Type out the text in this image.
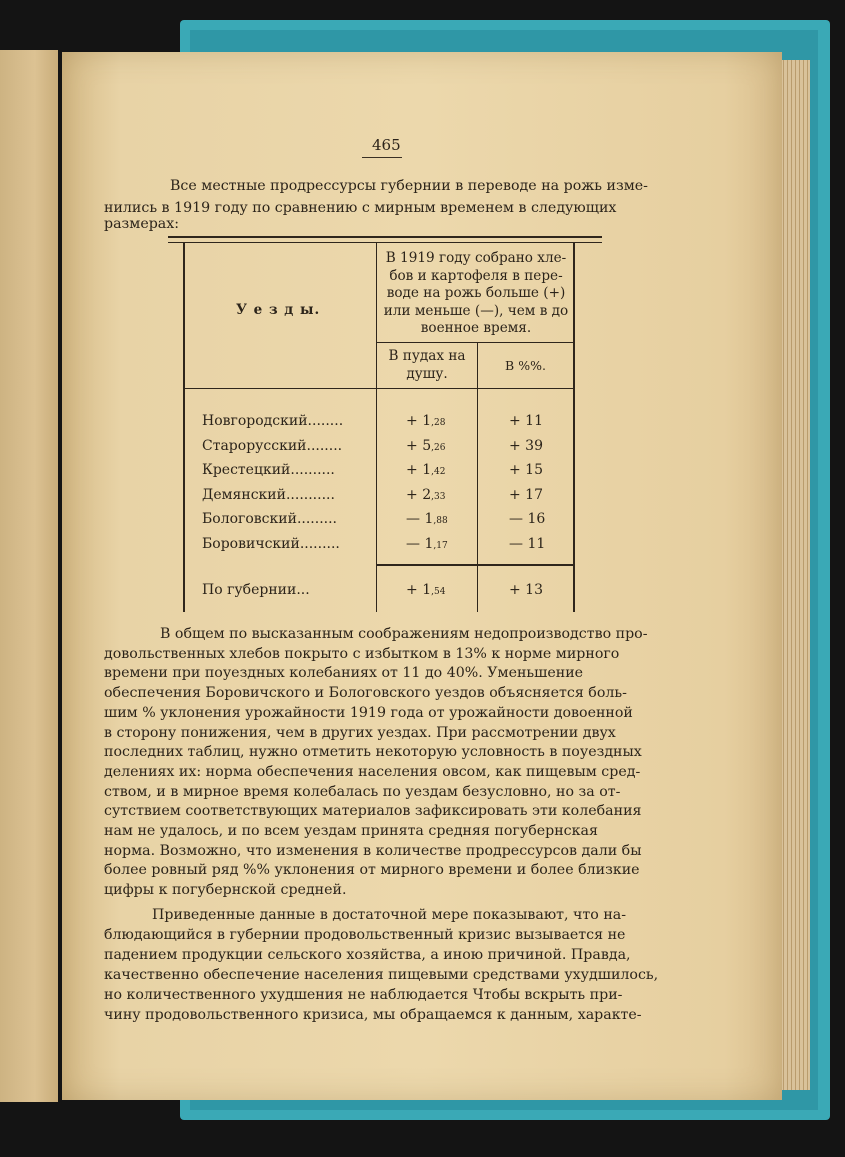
465
Все местные продрессурсы губернии в переводе на рожь изме-
нились в 1919 году по сравнению с мирным временем в следующих
размерах:
У е з д ы.
В 1919 году собрано хле-
бов и картофеля в пере-
воде на рожь больше (+)
или меньше (—), чем в до
военное время.
В пудах на
душу.	В %%.
Новгородский........	+ 1,28	+ 11
Старорусский........	+ 5,26	+ 39
Крестецкий..........	+ 1,42	+ 15
Демянский...........	+ 2,33	+ 17
Бологовский.........	— 1,88	— 16
Боровичский.........	— 1,17	— 11
По губернии...	+ 1,54	+ 13
В общем по высказанным соображениям недопроизводство про-
довольственных хлебов покрыто с избытком в 13% к норме мирного
времени при поуездных колебаниях от 11 до 40%. Уменьшение
обеспечения Боровичского и Бологовского уездов объясняется боль-
шим % уклонения урожайности 1919 года от урожайности довоенной
в сторону понижения, чем в других уездах. При рассмотрении двух
последних таблиц, нужно отметить некоторую условность в поуездных
делениях их: норма обеспечения населения овсом, как пищевым сред-
ством, и в мирное время колебалась по уездам безусловно, но за от-
сутствием соответствующих материалов зафиксировать эти колебания
нам не удалось, и по всем уездам принята средняя погубернская
норма. Возможно, что изменения в количестве продрессурсов дали бы
более ровный ряд %% уклонения от мирного времени и более близкие
цифры к погубернской средней.
Приведенные данные в достаточной мере показывают, что на-
блюдающийся в губернии продовольственный кризис вызывается не
падением продукции сельского хозяйства, а иною причиной. Правда,
качественно обеспечение населения пищевыми средствами ухудшилось,
но количественного ухудшения не наблюдается Чтобы вскрыть при-
чину продовольственного кризиса, мы обращаемся к данным, характе-
